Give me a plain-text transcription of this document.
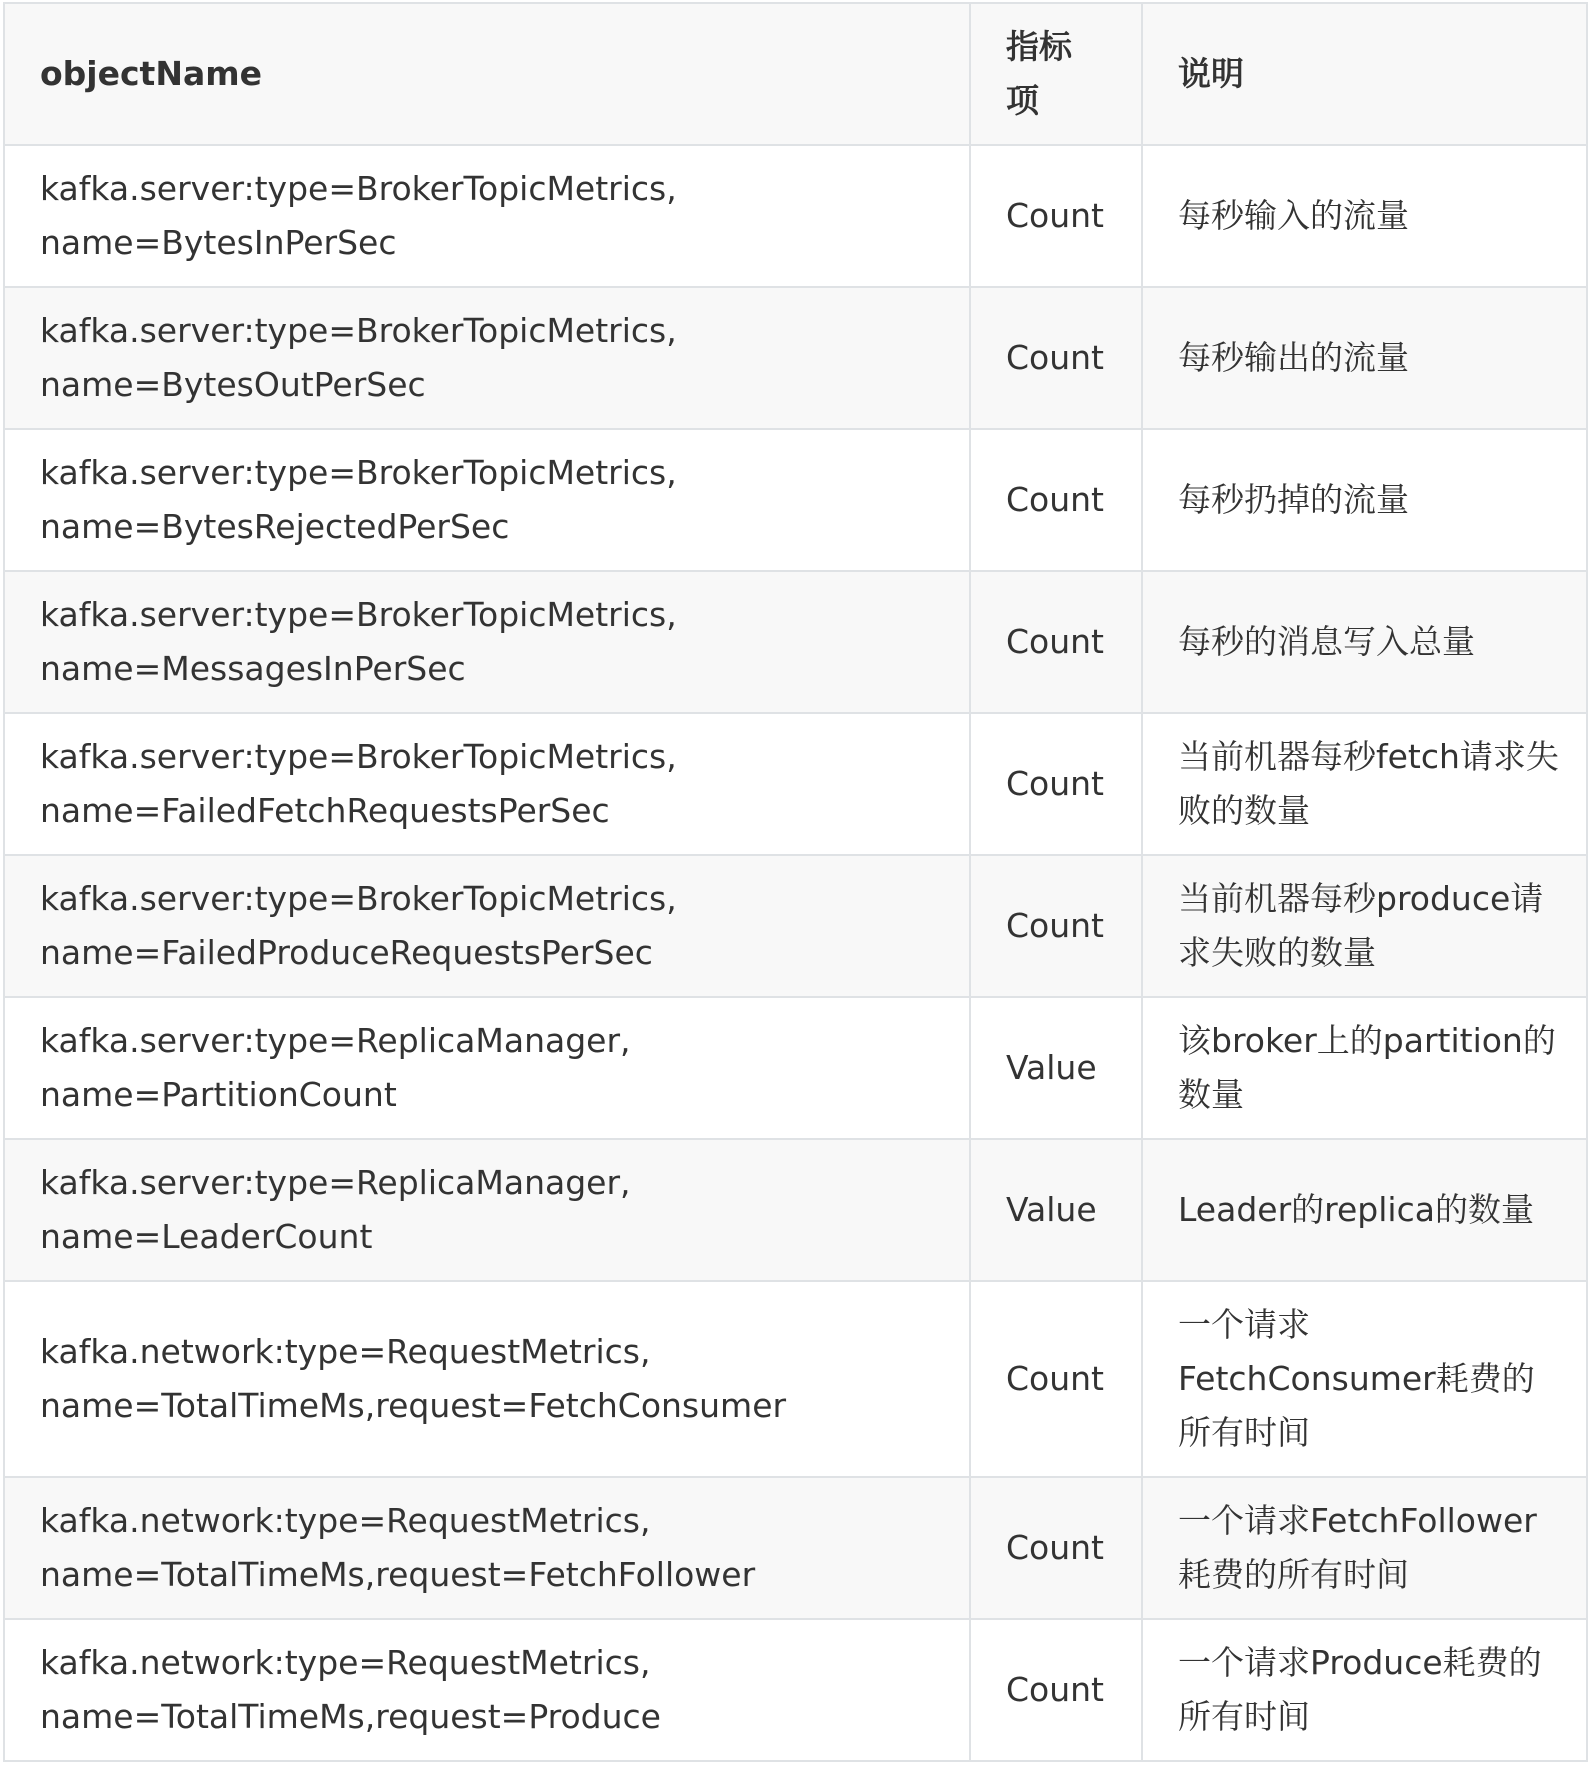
objectName	指标项	说明

kafka.server:type=BrokerTopicMetrics,
name=BytesInPerSec	Count	每秒输入的流量

kafka.server:type=BrokerTopicMetrics,
name=BytesOutPerSec	Count	每秒输出的流量

kafka.server:type=BrokerTopicMetrics,
name=BytesRejectedPerSec	Count	每秒扔掉的流量

kafka.server:type=BrokerTopicMetrics,
name=MessagesInPerSec	Count	每秒的消息写入总量

kafka.server:type=BrokerTopicMetrics,
name=FailedFetchRequestsPerSec	Count	当前机器每秒fetch请求失败的数量

kafka.server:type=BrokerTopicMetrics,
name=FailedProduceRequestsPerSec	Count	当前机器每秒produce请求失败的数量

kafka.server:type=ReplicaManager,
name=PartitionCount	Value	该broker上的partition的数量

kafka.server:type=ReplicaManager,
name=LeaderCount	Value	Leader的replica的数量

kafka.network:type=RequestMetrics,
name=TotalTimeMs,request=FetchConsumer	Count	一个请求FetchConsumer耗费的所有时间

kafka.network:type=RequestMetrics,
name=TotalTimeMs,request=FetchFollower	Count	一个请求FetchFollower耗费的所有时间

kafka.network:type=RequestMetrics,
name=TotalTimeMs,request=Produce	Count	一个请求Produce耗费的所有时间
